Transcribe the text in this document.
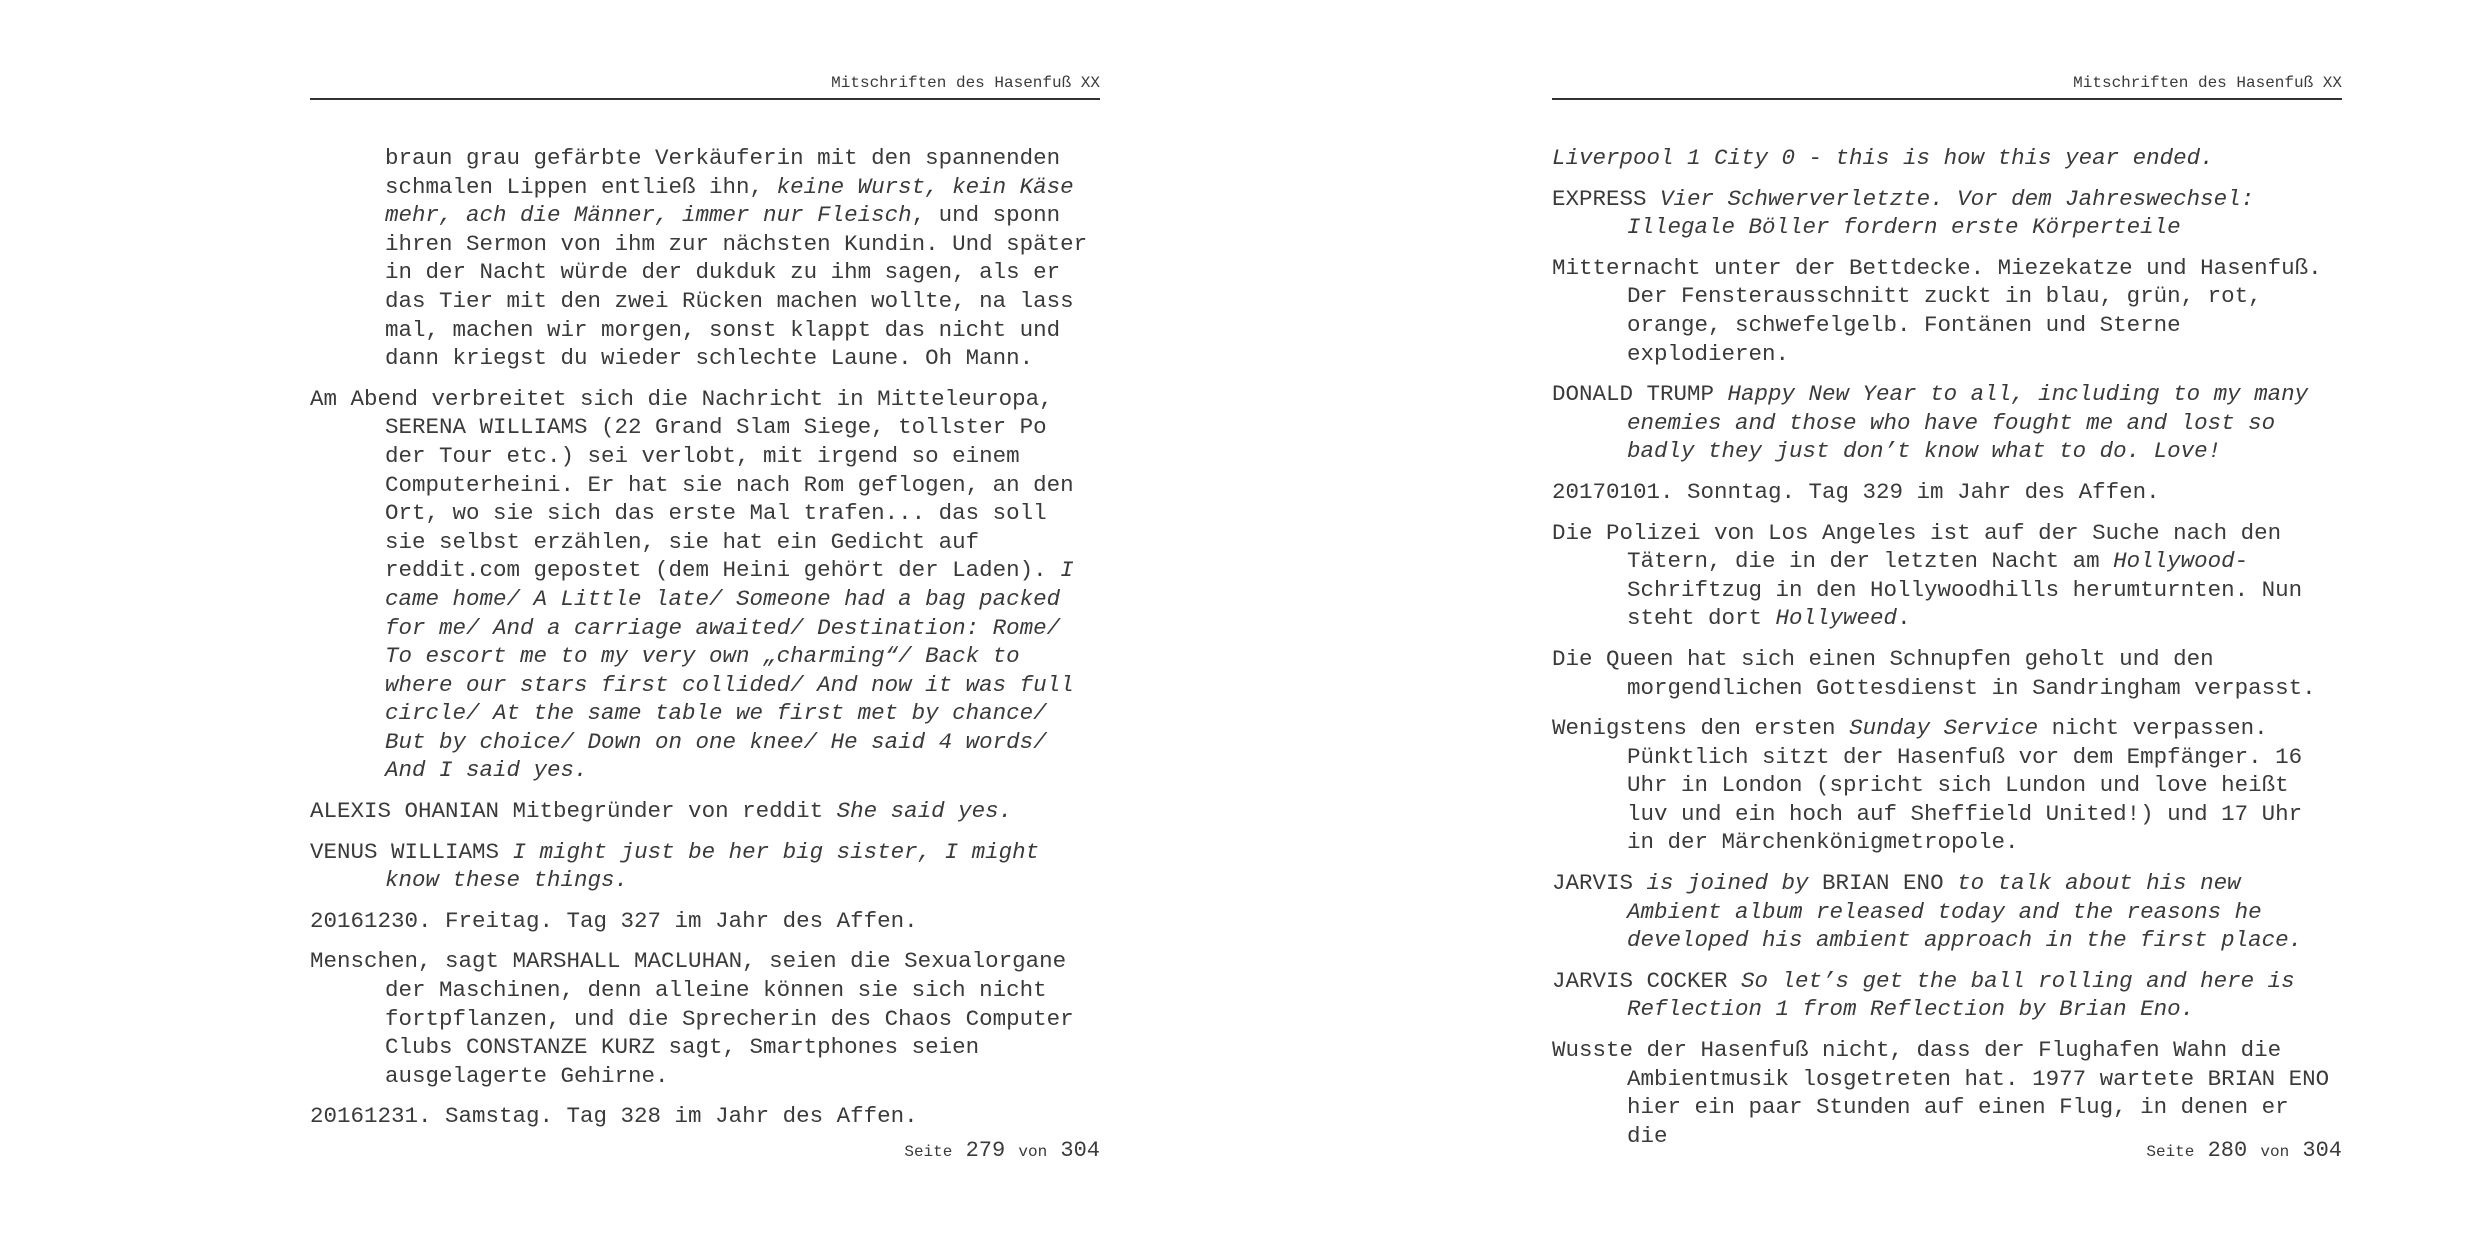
Mitschriften des Hasenfuß XX

braun grau gefärbte Verkäuferin mit den spannenden schmalen Lippen entließ ihn, keine Wurst, kein Käse mehr, ach die Männer, immer nur Fleisch, und sponn ihren Sermon von ihm zur nächsten Kundin. Und später in der Nacht würde der dukduk zu ihm sagen, als er das Tier mit den zwei Rücken machen wollte, na lass mal, machen wir morgen, sonst klappt das nicht und dann kriegst du wieder schlechte Laune. Oh Mann.

Am Abend verbreitet sich die Nachricht in Mitteleuropa, SERENA WILLIAMS (22 Grand Slam Siege, tollster Po der Tour etc.) sei verlobt, mit irgend so einem Computerheini. Er hat sie nach Rom geflogen, an den Ort, wo sie sich das erste Mal trafen... das soll sie selbst erzählen, sie hat ein Gedicht auf reddit.com gepostet (dem Heini gehört der Laden). I came home/ A Little late/ Someone had a bag packed for me/ And a carriage awaited/ Destination: Rome/ To escort me to my very own „charming“/ Back to where our stars first collided/ And now it was full circle/ At the same table we first met by chance/ But by choice/ Down on one knee/ He said 4 words/ And I said yes.

ALEXIS OHANIAN Mitbegründer von reddit She said yes.

VENUS WILLIAMS I might just be her big sister, I might know these things.

20161230. Freitag. Tag 327 im Jahr des Affen.

Menschen, sagt MARSHALL MACLUHAN, seien die Sexualorgane der Maschinen, denn alleine können sie sich nicht fortpflanzen, und die Sprecherin des Chaos Computer Clubs CONSTANZE KURZ sagt, Smartphones seien ausgelagerte Gehirne.

20161231. Samstag. Tag 328 im Jahr des Affen.

Seite 279 von 304
Mitschriften des Hasenfuß XX

Liverpool 1 City 0 - this is how this year ended.

EXPRESS Vier Schwerverletzte. Vor dem Jahreswechsel: Illegale Böller fordern erste Körperteile

Mitternacht unter der Bettdecke. Miezekatze und Hasenfuß. Der Fensterausschnitt zuckt in blau, grün, rot, orange, schwefelgelb. Fontänen und Sterne explodieren.

DONALD TRUMP Happy New Year to all, including to my many enemies and those who have fought me and lost so badly they just don’t know what to do. Love!

20170101. Sonntag. Tag 329 im Jahr des Affen.

Die Polizei von Los Angeles ist auf der Suche nach den Tätern, die in der letzten Nacht am Hollywood-Schriftzug in den Hollywoodhills herumturnten. Nun steht dort Hollyweed.

Die Queen hat sich einen Schnupfen geholt und den morgendlichen Gottesdienst in Sandringham verpasst.

Wenigstens den ersten Sunday Service nicht verpassen. Pünktlich sitzt der Hasenfuß vor dem Empfänger. 16 Uhr in London (spricht sich Lundon und love heißt luv und ein hoch auf Sheffield United!) und 17 Uhr in der Märchenkönigmetropole.

JARVIS is joined by BRIAN ENO to talk about his new Ambient album released today and the reasons he developed his ambient approach in the first place.

JARVIS COCKER So let’s get the ball rolling and here is Reflection 1 from Reflection by Brian Eno.

Wusste der Hasenfuß nicht, dass der Flughafen Wahn die Ambientmusik losgetreten hat. 1977 wartete BRIAN ENO hier ein paar Stunden auf einen Flug, in denen er die

Seite 280 von 304
